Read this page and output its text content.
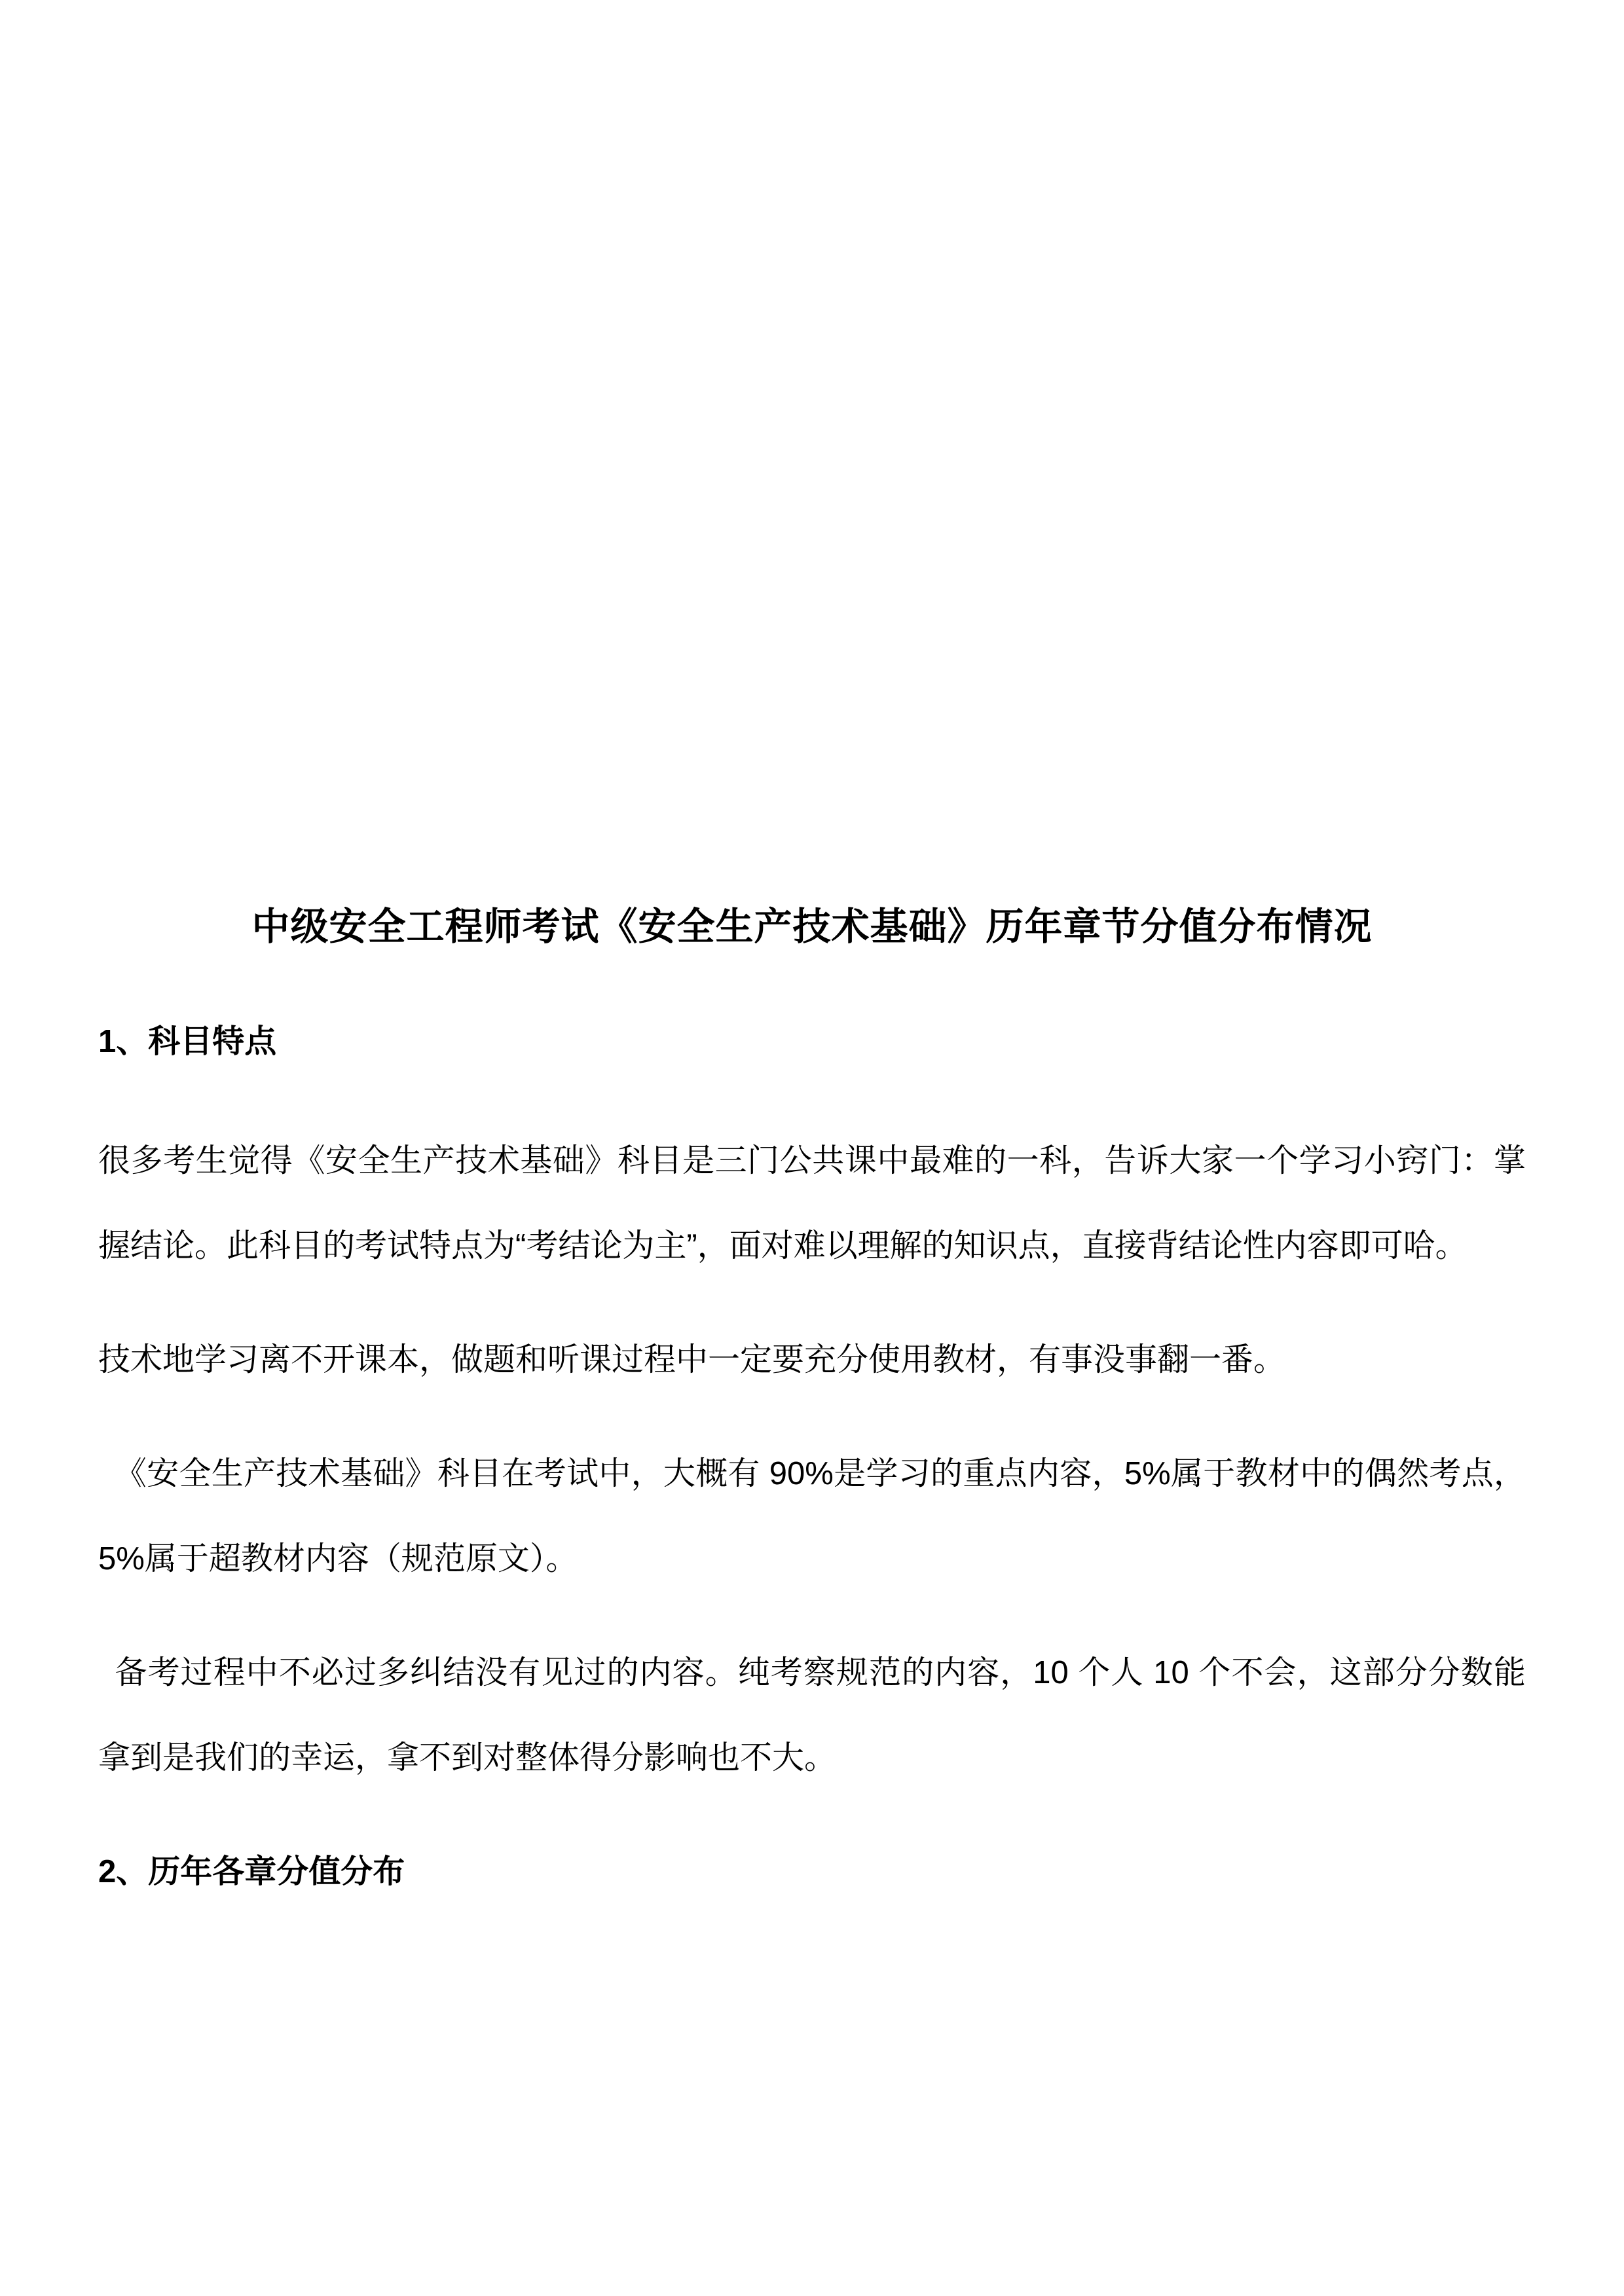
中级安全工程师考试《安全生产技术基础》历年章节分值分布情况
1、科目特点
很多考生觉得《安全生产技术基础》科目是三门公共课中最难的一科，告诉大家一个学习小窍门：掌
握结论。此科目的考试特点为“考结论为主”，面对难以理解的知识点，直接背结论性内容即可哈。
技术地学习离不开课本，做题和听课过程中一定要充分使用教材，有事没事翻一番。
 《安全生产技术基础》科目在考试中，大概有 90%是学习的重点内容，5%属于教材中的偶然考点，
5%属于超教材内容（规范原文）。
 备考过程中不必过多纠结没有见过的内容。纯考察规范的内容，10 个人 10 个不会，这部分分数能
拿到是我们的幸运，拿不到对整体得分影响也不大。
2、历年各章分值分布
